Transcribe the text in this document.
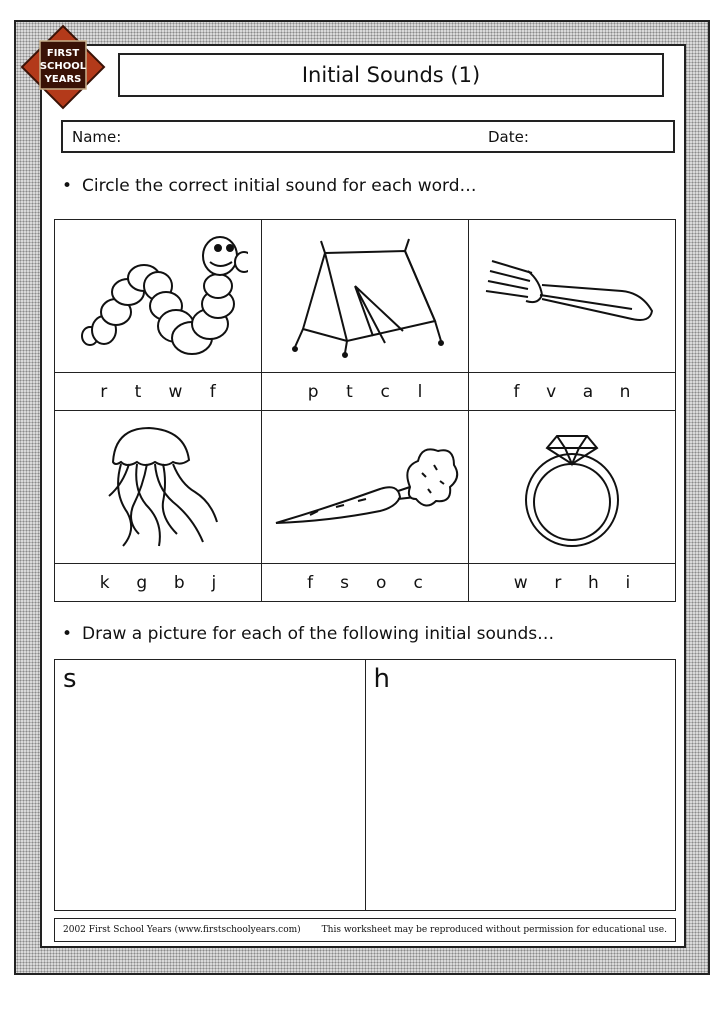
FIRST
SCHOOL
YEARS	Initial Sounds (1)
Name:	Date:
• Circle the correct initial sound for each word…

r t w f	p t c l	f v a n

k g b j	f s o c	w r h i
• Draw a picture for each of the following initial sounds…
s	h
2002 First School Years (www.firstschoolyears.com) This worksheet may be reproduced without permission for educational use.
